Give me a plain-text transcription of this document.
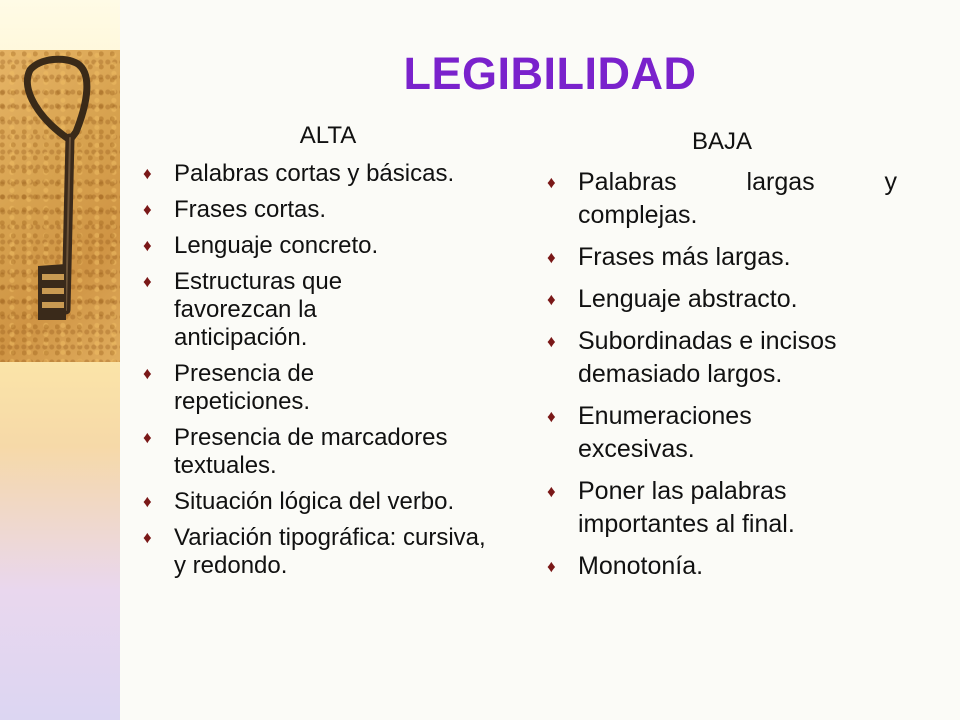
LEGIBILIDAD
ALTA
♦ Palabras cortas y básicas.
♦ Frases cortas.
♦ Lenguaje concreto.
♦ Estructuras que favorezcan la anticipación.
♦ Presencia de repeticiones.
♦ Presencia de marcadores textuales.
♦ Situación lógica del verbo.
♦ Variación tipográfica: cursiva, y redondo.
BAJA
♦ Palabras largas y complejas.
♦ Frases más largas.
♦ Lenguaje abstracto.
♦ Subordinadas e incisos demasiado largos.
♦ Enumeraciones excesivas.
♦ Poner las palabras importantes al final.
♦ Monotonía.
